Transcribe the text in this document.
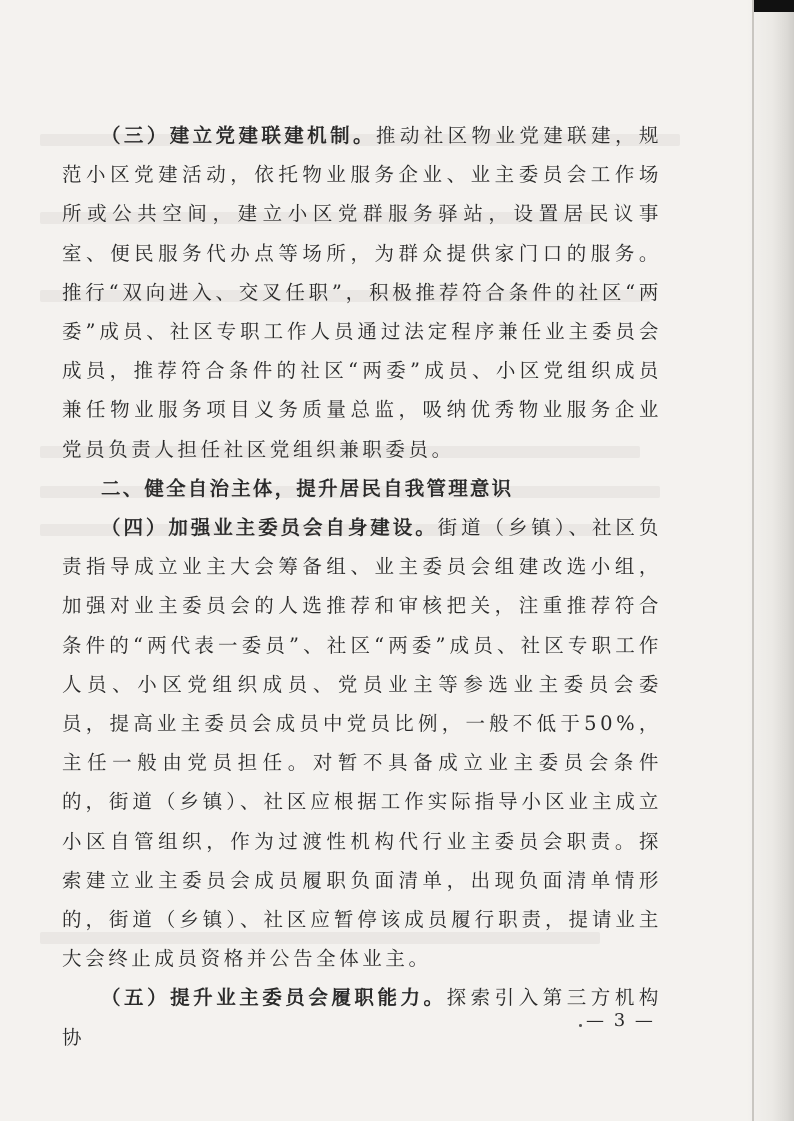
（三）建立党建联建机制。推动社区物业党建联建，规范小区党建活动，依托物业服务企业、业主委员会工作场所或公共空间，建立小区党群服务驿站，设置居民议事室、便民服务代办点等场所，为群众提供家门口的服务。推行“双向进入、交叉任职”，积极推荐符合条件的社区“两委”成员、社区专职工作人员通过法定程序兼任业主委员会成员，推荐符合条件的社区“两委”成员、小区党组织成员兼任物业服务项目义务质量总监，吸纳优秀物业服务企业党员负责人担任社区党组织兼职委员。

二、健全自治主体，提升居民自我管理意识

（四）加强业主委员会自身建设。街道（乡镇）、社区负责指导成立业主大会筹备组、业主委员会组建改选小组，加强对业主委员会的人选推荐和审核把关，注重推荐符合条件的“两代表一委员”、社区“两委”成员、社区专职工作人员、小区党组织成员、党员业主等参选业主委员会委员，提高业主委员会成员中党员比例，一般不低于50%，主任一般由党员担任。对暂不具备成立业主委员会条件的，街道（乡镇）、社区应根据工作实际指导小区业主成立小区自管组织，作为过渡性机构代行业主委员会职责。探索建立业主委员会成员履职负面清单，出现负面清单情形的，街道（乡镇）、社区应暂停该成员履行职责，提请业主大会终止成员资格并公告全体业主。

（五）提升业主委员会履职能力。探索引入第三方机构协

— 3 —
